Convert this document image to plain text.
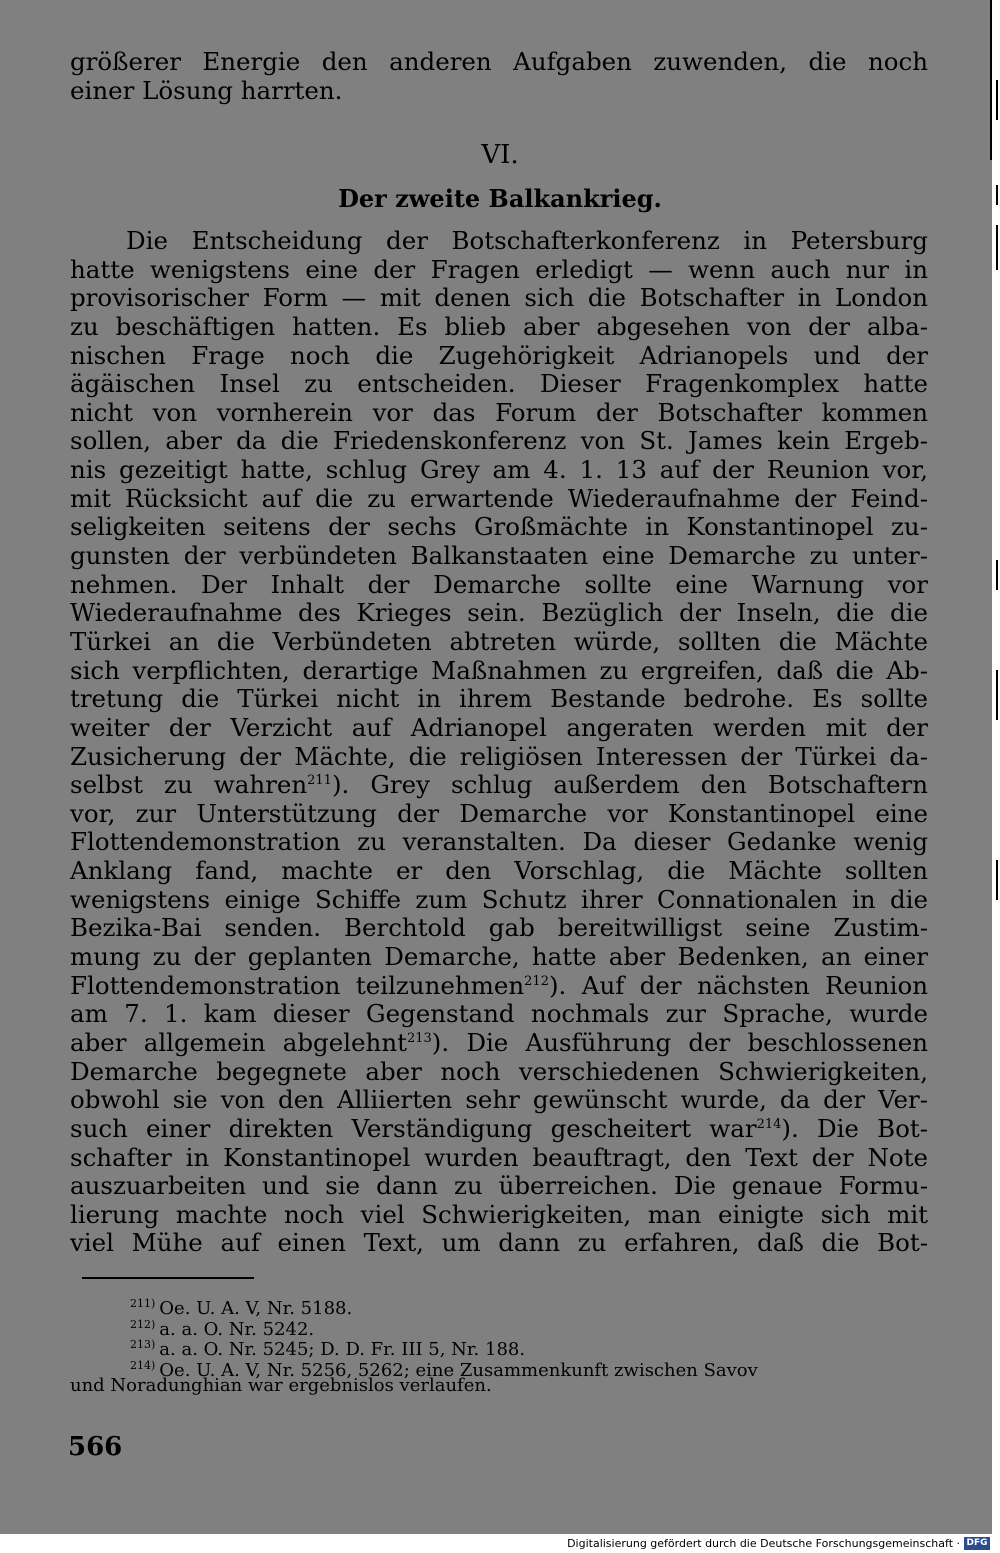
größerer Energie den anderen Aufgaben zuwenden, die noch
einer Lösung harrten.
VI.
Der zweite Balkankrieg.
Die Entscheidung der Botschafterkonferenz in Petersburg
hatte wenigstens eine der Fragen erledigt — wenn auch nur in
provisorischer Form — mit denen sich die Botschafter in London
zu beschäftigen hatten. Es blieb aber abgesehen von der alba-
nischen Frage noch die Zugehörigkeit Adrianopels und der
ägäischen Insel zu entscheiden. Dieser Fragenkomplex hatte
nicht von vornherein vor das Forum der Botschafter kommen
sollen, aber da die Friedenskonferenz von St. James kein Ergeb-
nis gezeitigt hatte, schlug Grey am 4. 1. 13 auf der Reunion vor,
mit Rücksicht auf die zu erwartende Wiederaufnahme der Feind-
seligkeiten seitens der sechs Großmächte in Konstantinopel zu-
gunsten der verbündeten Balkanstaaten eine Demarche zu unter-
nehmen. Der Inhalt der Demarche sollte eine Warnung vor
Wiederaufnahme des Krieges sein. Bezüglich der Inseln, die die
Türkei an die Verbündeten abtreten würde, sollten die Mächte
sich verpflichten, derartige Maßnahmen zu ergreifen, daß die Ab-
tretung die Türkei nicht in ihrem Bestande bedrohe. Es sollte
weiter der Verzicht auf Adrianopel angeraten werden mit der
Zusicherung der Mächte, die religiösen Interessen der Türkei da-
selbst zu wahren$^{211}$). Grey schlug außerdem den Botschaftern
vor, zur Unterstützung der Demarche vor Konstantinopel eine
Flottendemonstration zu veranstalten. Da dieser Gedanke wenig
Anklang fand, machte er den Vorschlag, die Mächte sollten
wenigstens einige Schiffe zum Schutz ihrer Connationalen in die
Bezika-Bai senden. Berchtold gab bereitwilligst seine Zustim-
mung zu der geplanten Demarche, hatte aber Bedenken, an einer
Flottendemonstration teilzunehmen$^{212}$). Auf der nächsten Reunion
am 7. 1. kam dieser Gegenstand nochmals zur Sprache, wurde
aber allgemein abgelehnt$^{213}$). Die Ausführung der beschlossenen
Demarche begegnete aber noch verschiedenen Schwierigkeiten,
obwohl sie von den Alliierten sehr gewünscht wurde, da der Ver-
such einer direkten Verständigung gescheitert war$^{214}$). Die Bot-
schafter in Konstantinopel wurden beauftragt, den Text der Note
auszuarbeiten und sie dann zu überreichen. Die genaue Formu-
lierung machte noch viel Schwierigkeiten, man einigte sich mit
viel Mühe auf einen Text, um dann zu erfahren, daß die Bot-
$^{211)}$ Oe. U. A. V, Nr. 5188.
$^{212)}$ a. a. O. Nr. 5242.
$^{213)}$ a. a. O. Nr. 5245; D. D. Fr. III 5, Nr. 188.
$^{214)}$ Oe. U. A. V, Nr. 5256, 5262; eine Zusammenkunft zwischen Savov
und Noradunghian war ergebnislos verlaufen.
566
Digitalisierung gefördert durch die Deutsche Forschungsgemeinschaft · DFG
